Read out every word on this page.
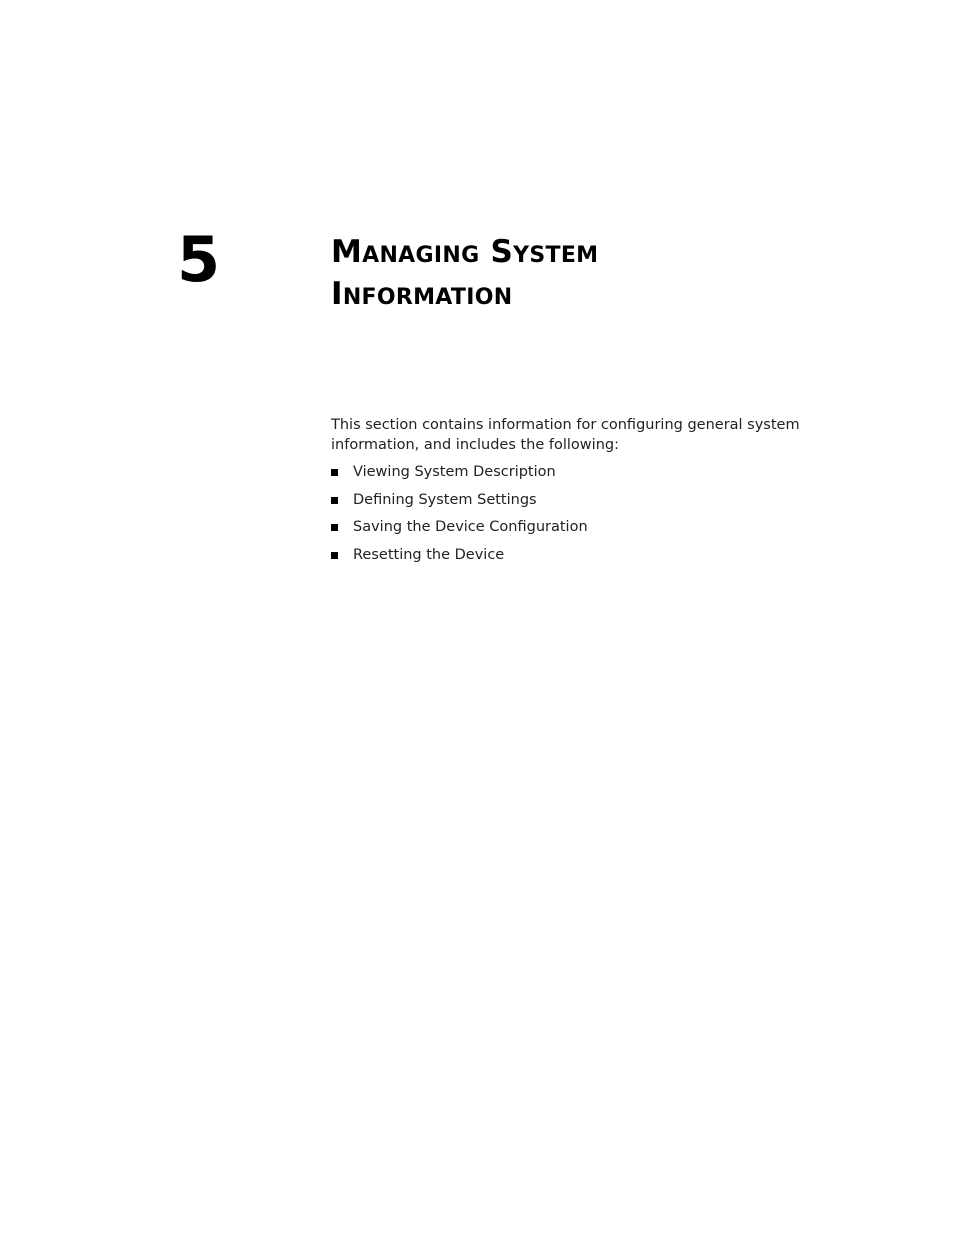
5	Managing System
Information

This section contains information for configuring general system information, and includes the following:

Viewing System Description
Defining System Settings
Saving the Device Configuration
Resetting the Device
